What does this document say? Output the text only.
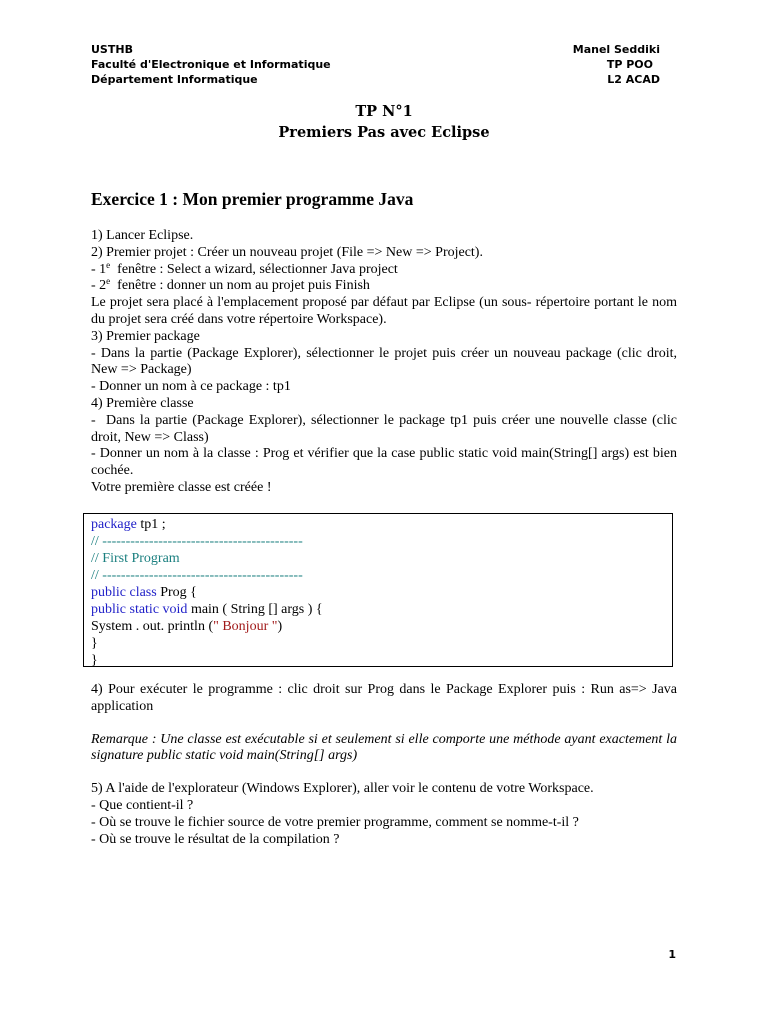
USTHB
Faculté d'Electronique et Informatique
Département Informatique
Manel Seddiki
TP POO
L2 ACAD
TP N°1
Premiers Pas avec Eclipse
Exercice 1 : Mon premier programme Java

1) Lancer Eclipse.

2) Premier projet : Créer un nouveau projet (File => New => Project).

- 1e  fenêtre : Select a wizard, sélectionner Java project

- 2e  fenêtre : donner un nom au projet puis Finish

Le projet sera placé à l'emplacement proposé par défaut par Eclipse (un sous- répertoire portant le nom du projet sera créé dans votre répertoire Workspace).

3) Premier package

- Dans la partie (Package Explorer), sélectionner le projet puis créer un nouveau package (clic droit, New => Package)

- Donner un nom à ce package : tp1

4) Première classe

-  Dans la partie (Package Explorer), sélectionner le package tp1 puis créer une nouvelle classe (clic droit, New => Class)

- Donner un nom à la classe : Prog et vérifier que la case public static void main(String[] args) est bien cochée.

Votre première classe est créée !

package tp1 ;
// -------------------------------------------
// First Program
// -------------------------------------------
public class Prog {
public static void main ( String [] args ) {
System . out. println (" Bonjour ")
}
}

4) Pour exécuter le programme : clic droit sur Prog dans le Package Explorer puis : Run as=> Java application

Remarque : Une classe est exécutable si et seulement si elle comporte une méthode ayant exactement la signature public static void main(String[] args)

5) A l'aide de l'explorateur (Windows Explorer), aller voir le contenu de votre Workspace.

- Que contient-il ?

- Où se trouve le fichier source de votre premier programme, comment se nomme-t-il ?

- Où se trouve le résultat de la compilation ?

1
